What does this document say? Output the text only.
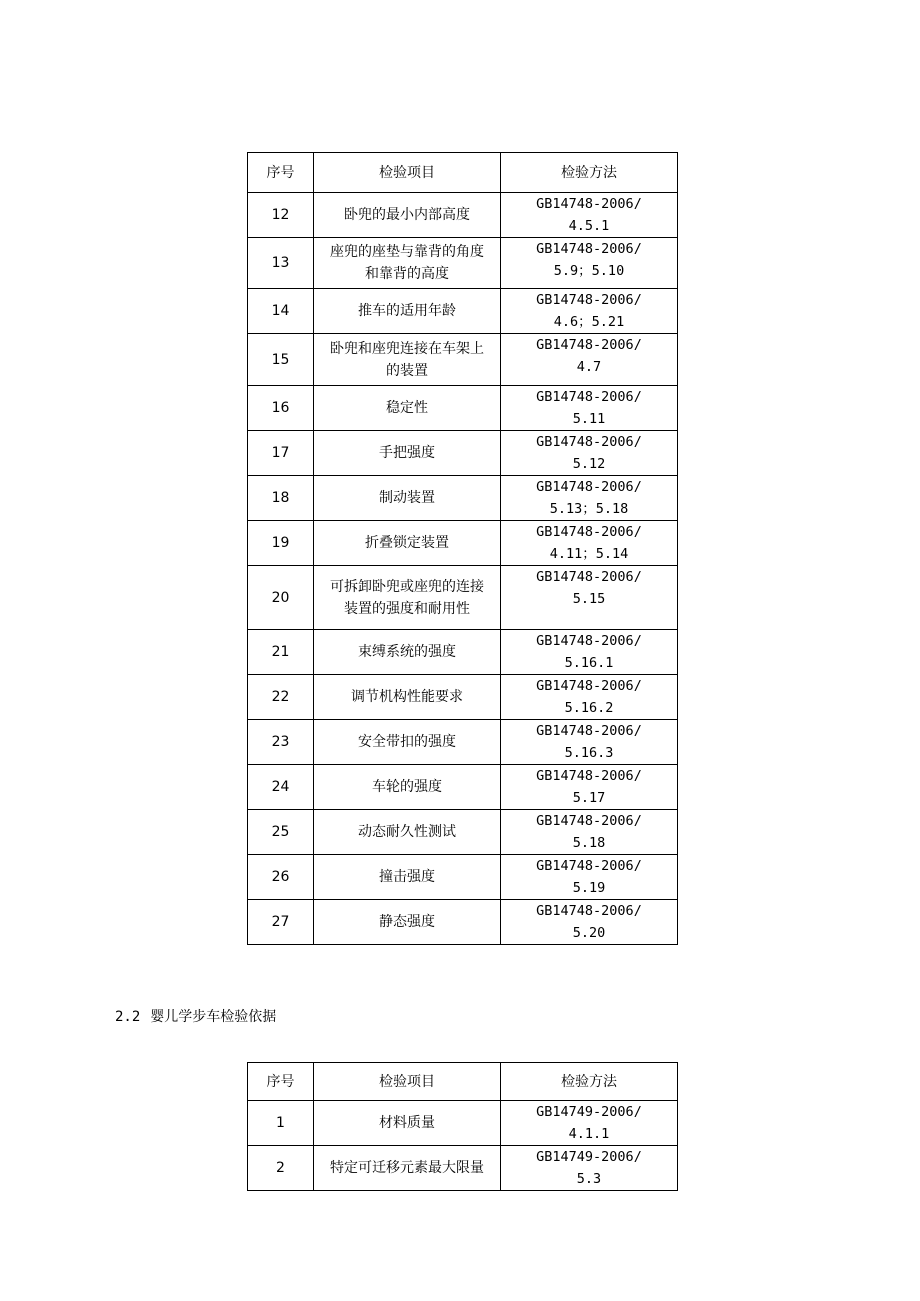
序号	检验项目	检验方法
12	卧兜的最小内部高度	GB14748-2006/
4.5.1

13	座兜的座垫与靠背的角度
和靠背的高度	GB14748-2006/
5.9；5.10

14	推车的适用年龄	GB14748-2006/
4.6；5.21

15	卧兜和座兜连接在车架上
的装置	GB14748-2006/
4.7

16	稳定性	GB14748-2006/
5.11

17	手把强度	GB14748-2006/
5.12

18	制动装置	GB14748-2006/
5.13；5.18

19	折叠锁定装置	GB14748-2006/
4.11；5.14

20	可拆卸卧兜或座兜的连接
装置的强度和耐用性	GB14748-2006/
5.15

21	束缚系统的强度	GB14748-2006/
5.16.1

22	调节机构性能要求	GB14748-2006/
5.16.2

23	安全带扣的强度	GB14748-2006/
5.16.3

24	车轮的强度	GB14748-2006/
5.17

25	动态耐久性测试	GB14748-2006/
5.18

26	撞击强度	GB14748-2006/
5.19

27	静态强度	GB14748-2006/
5.20
2.2 婴儿学步车检验依据
序号	检验项目	检验方法
1	材料质量	GB14749-2006/
4.1.1

2	特定可迁移元素最大限量	GB14749-2006/
5.3
